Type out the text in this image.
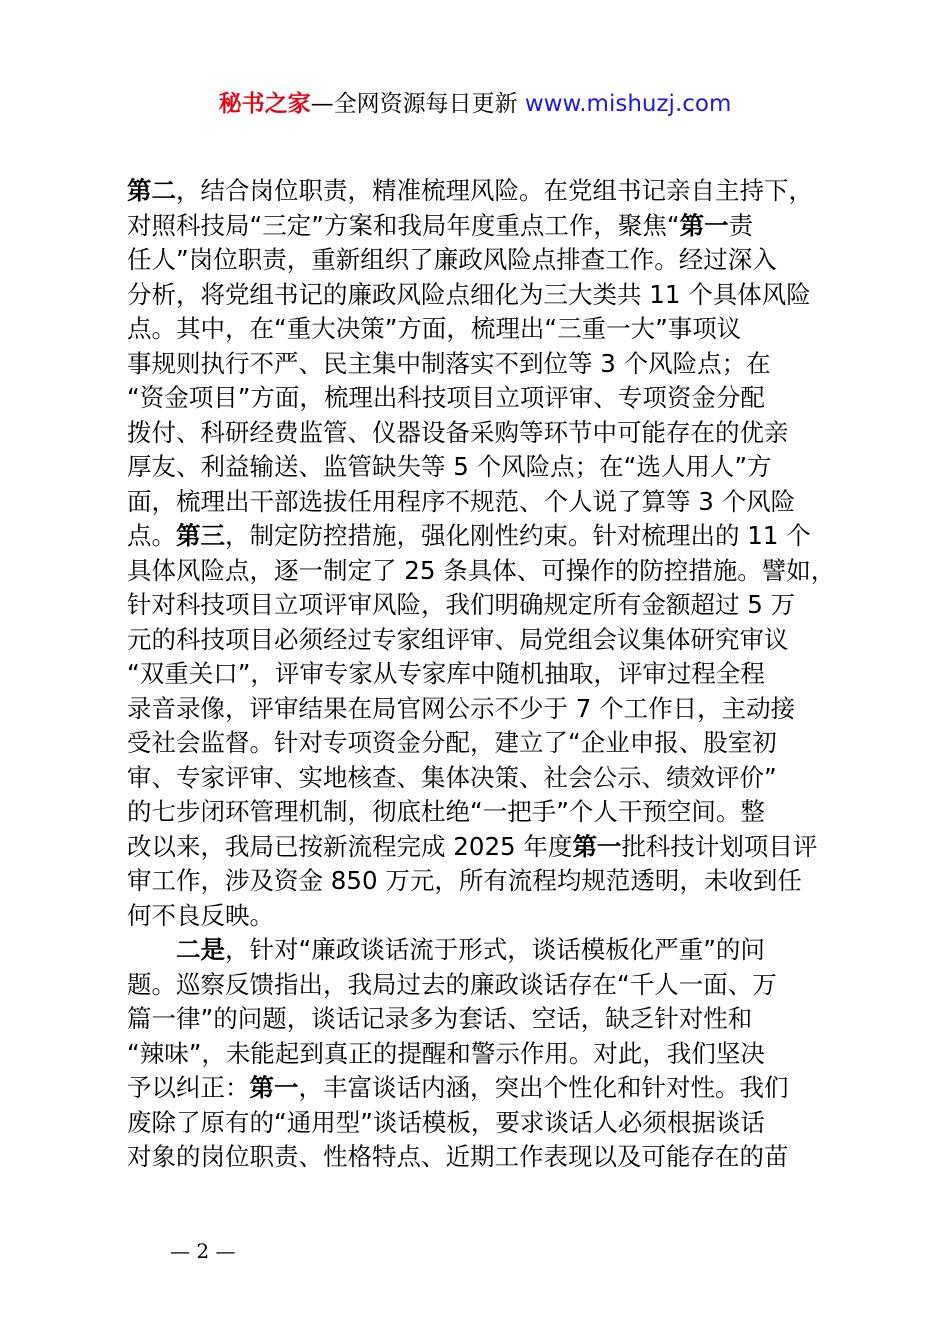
秘书之家—全网资源每日更新 www.mishuzj.com
第二，结合岗位职责，精准梳理风险。在党组书记亲自主持下，
对照科技局“三定”方案和我局年度重点工作，聚焦“第一责
任人”岗位职责，重新组织了廉政风险点排查工作。经过深入
分析，将党组书记的廉政风险点细化为三大类共 11 个具体风险
点。其中，在“重大决策”方面，梳理出“三重一大”事项议
事规则执行不严、民主集中制落实不到位等 3 个风险点；在
“资金项目”方面，梳理出科技项目立项评审、专项资金分配
拨付、科研经费监管、仪器设备采购等环节中可能存在的优亲
厚友、利益输送、监管缺失等 5 个风险点；在“选人用人”方
面，梳理出干部选拔任用程序不规范、个人说了算等 3 个风险
点。第三，制定防控措施，强化刚性约束。针对梳理出的 11 个
具体风险点，逐一制定了 25 条具体、可操作的防控措施。譬如，
针对科技项目立项评审风险，我们明确规定所有金额超过 5 万
元的科技项目必须经过专家组评审、局党组会议集体研究审议
“双重关口”，评审专家从专家库中随机抽取，评审过程全程
录音录像，评审结果在局官网公示不少于 7 个工作日，主动接
受社会监督。针对专项资金分配，建立了“企业申报、股室初
审、专家评审、实地核查、集体决策、社会公示、绩效评价”
的七步闭环管理机制，彻底杜绝“一把手”个人干预空间。整
改以来，我局已按新流程完成 2025 年度第一批科技计划项目评
审工作，涉及资金 850 万元，所有流程均规范透明，未收到任
何不良反映。
二是，针对“廉政谈话流于形式，谈话模板化严重”的问
题。巡察反馈指出，我局过去的廉政谈话存在“千人一面、万
篇一律”的问题，谈话记录多为套话、空话，缺乏针对性和
“辣味”，未能起到真正的提醒和警示作用。对此，我们坚决
予以纠正：第一，丰富谈话内涵，突出个性化和针对性。我们
废除了原有的“通用型”谈话模板，要求谈话人必须根据谈话
对象的岗位职责、性格特点、近期工作表现以及可能存在的苗
— 2 —
